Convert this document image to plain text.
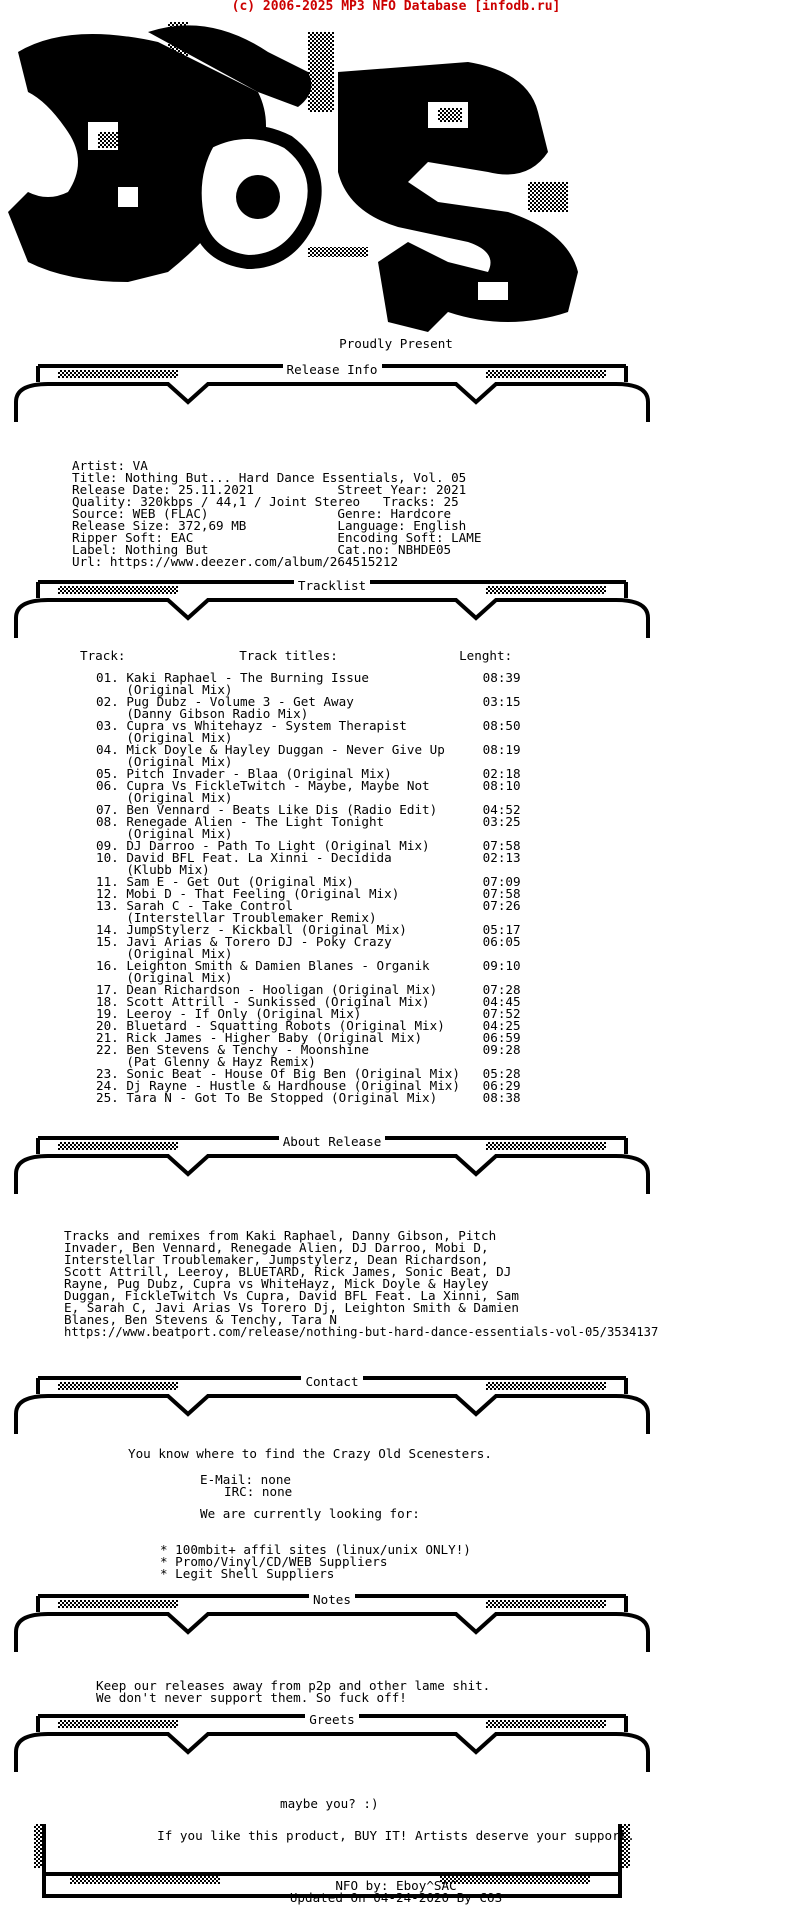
(c) 2006-2025 MP3 NFO Database [infodb.ru]
Proudly Present
Release Info

Artist: VA
Title: Nothing But... Hard Dance Essentials, Vol. 05
Release Date: 25.11.2021           Street Year: 2021
Quality: 320kbps / 44,1 / Joint Stereo   Tracks: 25
Source: WEB (FLAC)                 Genre: Hardcore
Release Size: 372,69 MB            Language: English
Ripper Soft: EAC                   Encoding Soft: LAME
Label: Nothing But                 Cat.no: NBHDE05
Url: https://www.deezer.com/album/264515212

Tracklist
Track:               Track titles:                Lenght:
01. Kaki Raphael - The Burning Issue               08:39
(Original Mix)
02. Pug Dubz - Volume 3 - Get Away                 03:15
(Danny Gibson Radio Mix)
03. Cupra vs Whitehayz - System Therapist          08:50
(Original Mix)
04. Mick Doyle & Hayley Duggan - Never Give Up     08:19
(Original Mix)
05. Pitch Invader - Blaa (Original Mix)            02:18
06. Cupra Vs FickleTwitch - Maybe, Maybe Not       08:10
(Original Mix)
07. Ben Vennard - Beats Like Dis (Radio Edit)      04:52
08. Renegade Alien - The Light Tonight             03:25
(Original Mix)
09. DJ Darroo - Path To Light (Original Mix)       07:58
10. David BFL Feat. La Xinni - Decidida            02:13
(Klubb Mix)
11. Sam E - Get Out (Original Mix)                 07:09
12. Mobi D - That Feeling (Original Mix)           07:58
13. Sarah C - Take Control                         07:26
(Interstellar Troublemaker Remix)
14. JumpStylerz - Kickball (Original Mix)          05:17
15. Javi Arias & Torero DJ - Poky Crazy            06:05
(Original Mix)
16. Leighton Smith & Damien Blanes - Organik       09:10
(Original Mix)
17. Dean Richardson - Hooligan (Original Mix)      07:28
18. Scott Attrill - Sunkissed (Original Mix)       04:45
19. Leeroy - If Only (Original Mix)                07:52
20. Bluetard - Squatting Robots (Original Mix)     04:25
21. Rick James - Higher Baby (Original Mix)        06:59
22. Ben Stevens & Tenchy - Moonshine               09:28
(Pat Glenny & Hayz Remix)
23. Sonic Beat - House Of Big Ben (Original Mix)   05:28
24. Dj Rayne - Hustle & Hardhouse (Original Mix)   06:29
25. Tara N - Got To Be Stopped (Original Mix)      08:38
About Release

Tracks and remixes from Kaki Raphael, Danny Gibson, Pitch
Invader, Ben Vennard, Renegade Alien, DJ Darroo, Mobi D,
Interstellar Troublemaker, Jumpstylerz, Dean Richardson,
Scott Attrill, Leeroy, BLUETARD, Rick James, Sonic Beat, DJ
Rayne, Pug Dubz, Cupra vs WhiteHayz, Mick Doyle & Hayley
Duggan, FickleTwitch Vs Cupra, David BFL Feat. La Xinni, Sam
E, Sarah C, Javi Arias Vs Torero Dj, Leighton Smith & Damien
Blanes, Ben Stevens & Tenchy, Tara N

https://www.beatport.com/release/nothing-but-hard-dance-essentials-vol-05/3534137
Contact
You know where to find the Crazy Old Scenesters.
E-Mail: none
IRC: none
We are currently looking for:

* 100mbit+ affil sites (linux/unix ONLY!)
* Promo/Vinyl/CD/WEB Suppliers
* Legit Shell Suppliers

Notes

Keep our releases away from p2p and other lame shit.
We don't never support them. So fuck off!

Greets
maybe you? :)
If you like this product, BUY IT! Artists deserve your support.
NFO by: Eboy^SAC
Updated On 04-24-2020 By COS
